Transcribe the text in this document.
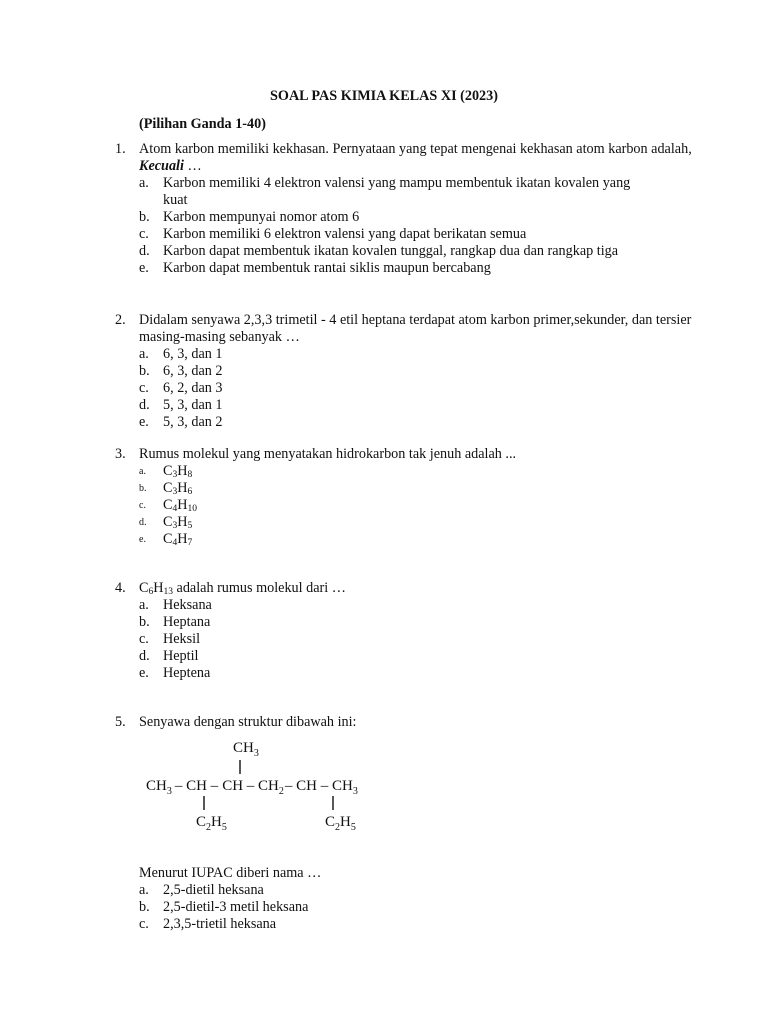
SOAL PAS KIMIA KELAS XI (2023)
(Pilihan Ganda 1-40)
1. Atom karbon memiliki kekhasan. Pernyataan yang tepat mengenai kekhasan atom karbon adalah, Kecuali …

a. Karbon memiliki 4 elektron valensi yang mampu membentuk ikatan kovalen yang kuat
b. Karbon mempunyai nomor atom 6
c. Karbon memiliki 6 elektron valensi yang dapat berikatan semua
d. Karbon dapat membentuk ikatan kovalen tunggal, rangkap dua dan rangkap tiga
e. Karbon dapat membentuk rantai siklis maupun bercabang
2. Didalam senyawa 2,3,3 trimetil - 4 etil heptana terdapat atom karbon primer,sekunder, dan tersier masing-masing sebanyak …

a. 6, 3, dan 1
b. 6, 3, dan 2
c. 6, 2, dan 3
d. 5, 3, dan 1
e. 5, 3, dan 2
3. Rumus molekul yang menyatakan hidrokarbon tak jenuh adalah ...

a. $C_3H_8$
b. $C_3H_6$
c. $C_4H_{10}$
d. $C_3H_5$
e. $C_4H_7$
4. $C_6H_{13}$ adalah rumus molekul dari …

a. Heksana
b. Heptana
c. Heksil
d. Heptil
e. Heptena
5. Senyawa dengan struktur dibawah ini:

$CH_3$
$CH_3$ – CH – CH – $CH_2-$ CH – $CH_3$
$C_2H_5$	$C_2H_5$

Menurut IUPAC diberi nama …

a. 2,5-dietil heksana
b. 2,5-dietil-3 metil heksana
c. 2,3,5-trietil heksana
